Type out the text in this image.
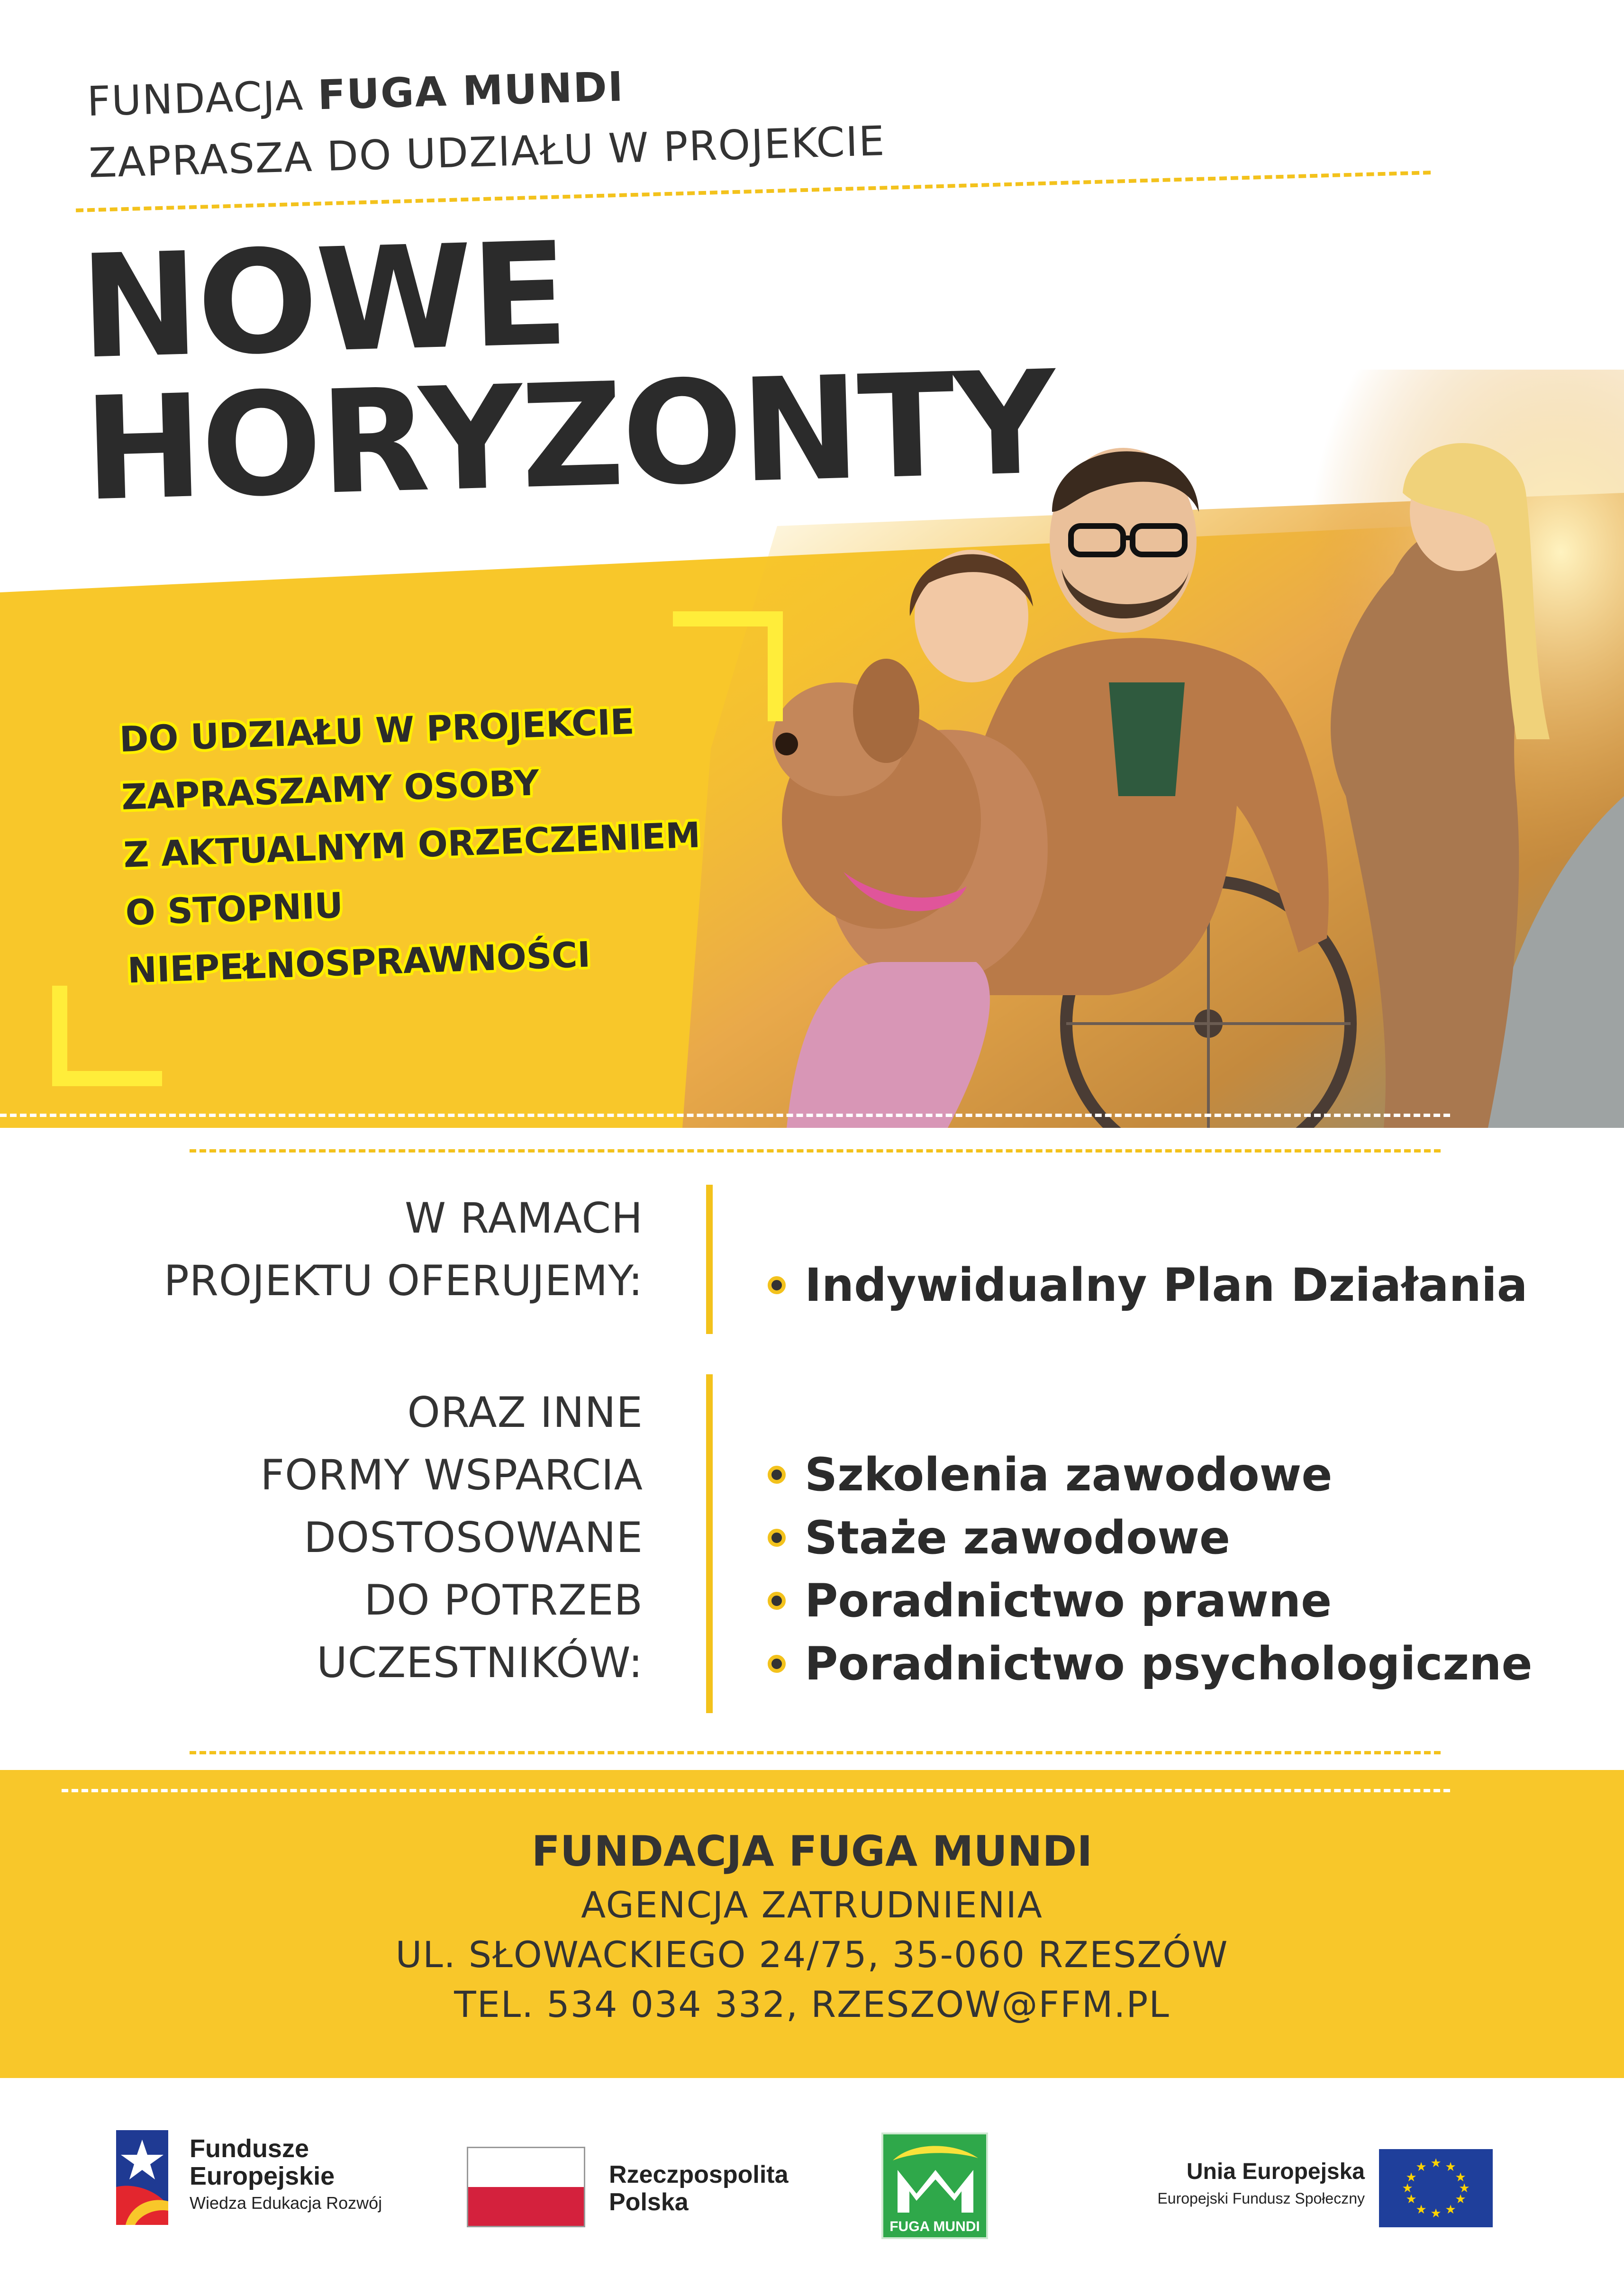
FUNDACJA FUGA MUNDI
ZAPRASZA DO UDZIAŁU W PROJEKCIE
NOWE
HORYZONTY
DO UDZIAŁU W PROJEKCIE
ZAPRASZAMY OSOBY
Z AKTUALNYM ORZECZENIEM
O STOPNIU
NIEPEŁNOSPRAWNOŚCI
W RAMACH
PROJEKTU OFERUJEMY:	Indywidualny Plan Działania
ORAZ INNE
FORMY WSPARCIA
DOSTOSOWANE
DO POTRZEB
UCZESTNIKÓW:
Szkolenia zawodowe
Staże zawodowe
Poradnictwo prawne
Poradnictwo psychologiczne
FUNDACJA FUGA MUNDI
AGENCJA ZATRUDNIENIA
UL. SŁOWACKIEGO 24/75, 35-060 RZESZÓW
TEL. 534 034 332, RZESZOW@FFM.PL
Fundusze
Europejskie
Wiedza Edukacja Rozwój
Rzeczpospolita
Polska
FUGA MUNDI
Unia Europejska
Europejski Fundusz Społeczny
★ ★
★
★
★
★
★
★
★
★
★
★
